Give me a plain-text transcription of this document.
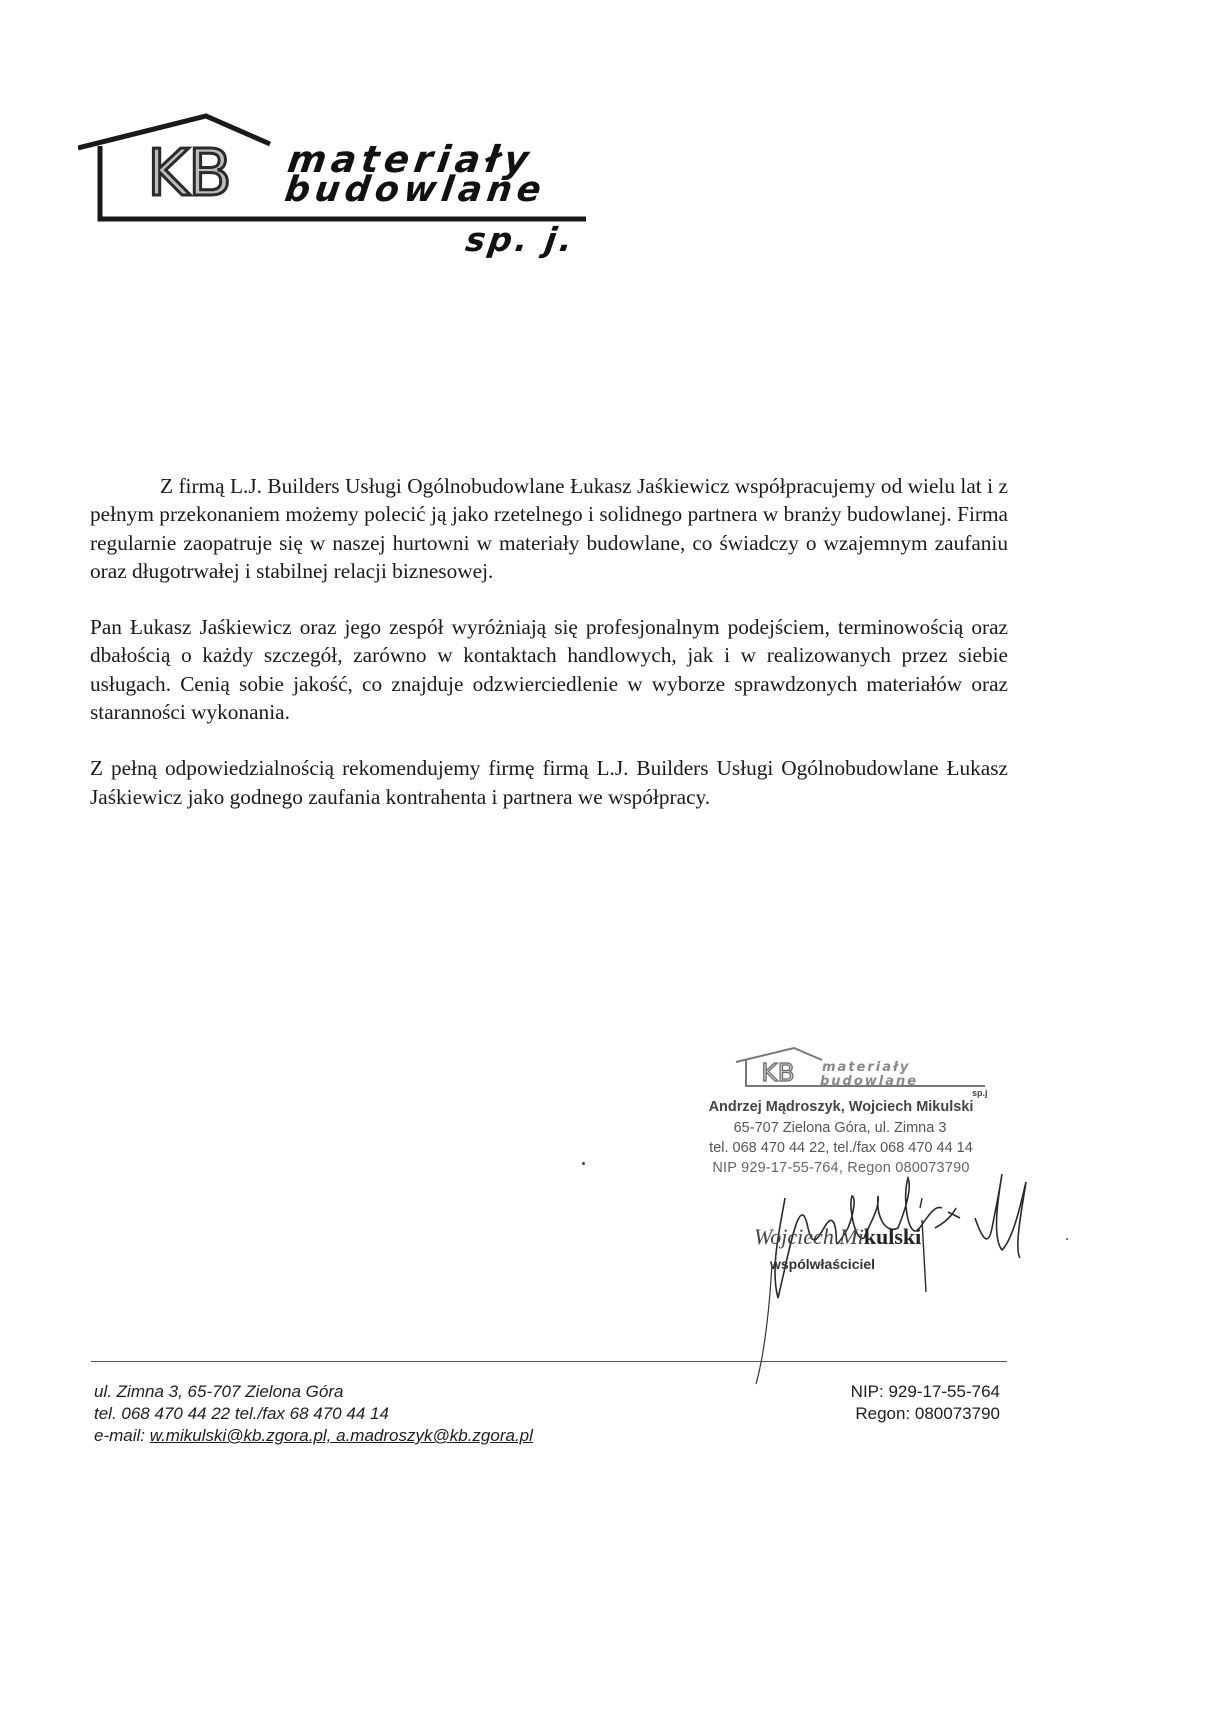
KB	materiały
budowlane
sp. j.

Z firmą L.J. Builders Usługi Ogólnobudowlane Łukasz Jaśkiewicz współpracujemy od wielu lat i z pełnym przekonaniem możemy polecić ją jako rzetelnego i solidnego partnera w branży budowlanej. Firma regularnie zaopatruje się w naszej hurtowni w materiały budowlane, co świadczy o wzajemnym zaufaniu oraz długotrwałej i stabilnej relacji biznesowej.

Pan Łukasz Jaśkiewicz oraz jego zespół wyróżniają się profesjonalnym podejściem, terminowością oraz dbałością o każdy szczegół, zarówno w kontaktach handlowych, jak i w realizowanych przez siebie usługach. Cenią sobie jakość, co znajduje odzwierciedlenie w wyborze sprawdzonych materiałów oraz staranności wykonania.

Z pełną odpowiedzialnością rekomendujemy firmę firmą L.J. Builders Usługi Ogólnobudowlane Łukasz Jaśkiewicz jako godnego zaufania kontrahenta i partnera we współpracy.

KB	materiały
budowlane
sp.j
Andrzej Mądroszyk, Wojciech Mikulski
65-707 Zielona Góra, ul. Zimna 3
tel. 068 470 44 22, tel./fax 068 470 44 14
NIP 929-17-55-764, Regon 080073790
Wojciech Mikulski
wspólwłaściciel
ul. Zimna 3, 65-707 Zielona Góra
tel. 068 470 44 22 tel./fax 68 470 44 14
e-mail: w.mikulski@kb.zgora.pl, a.madroszyk@kb.zgora.pl
NIP: 929-17-55-764
Regon: 080073790
